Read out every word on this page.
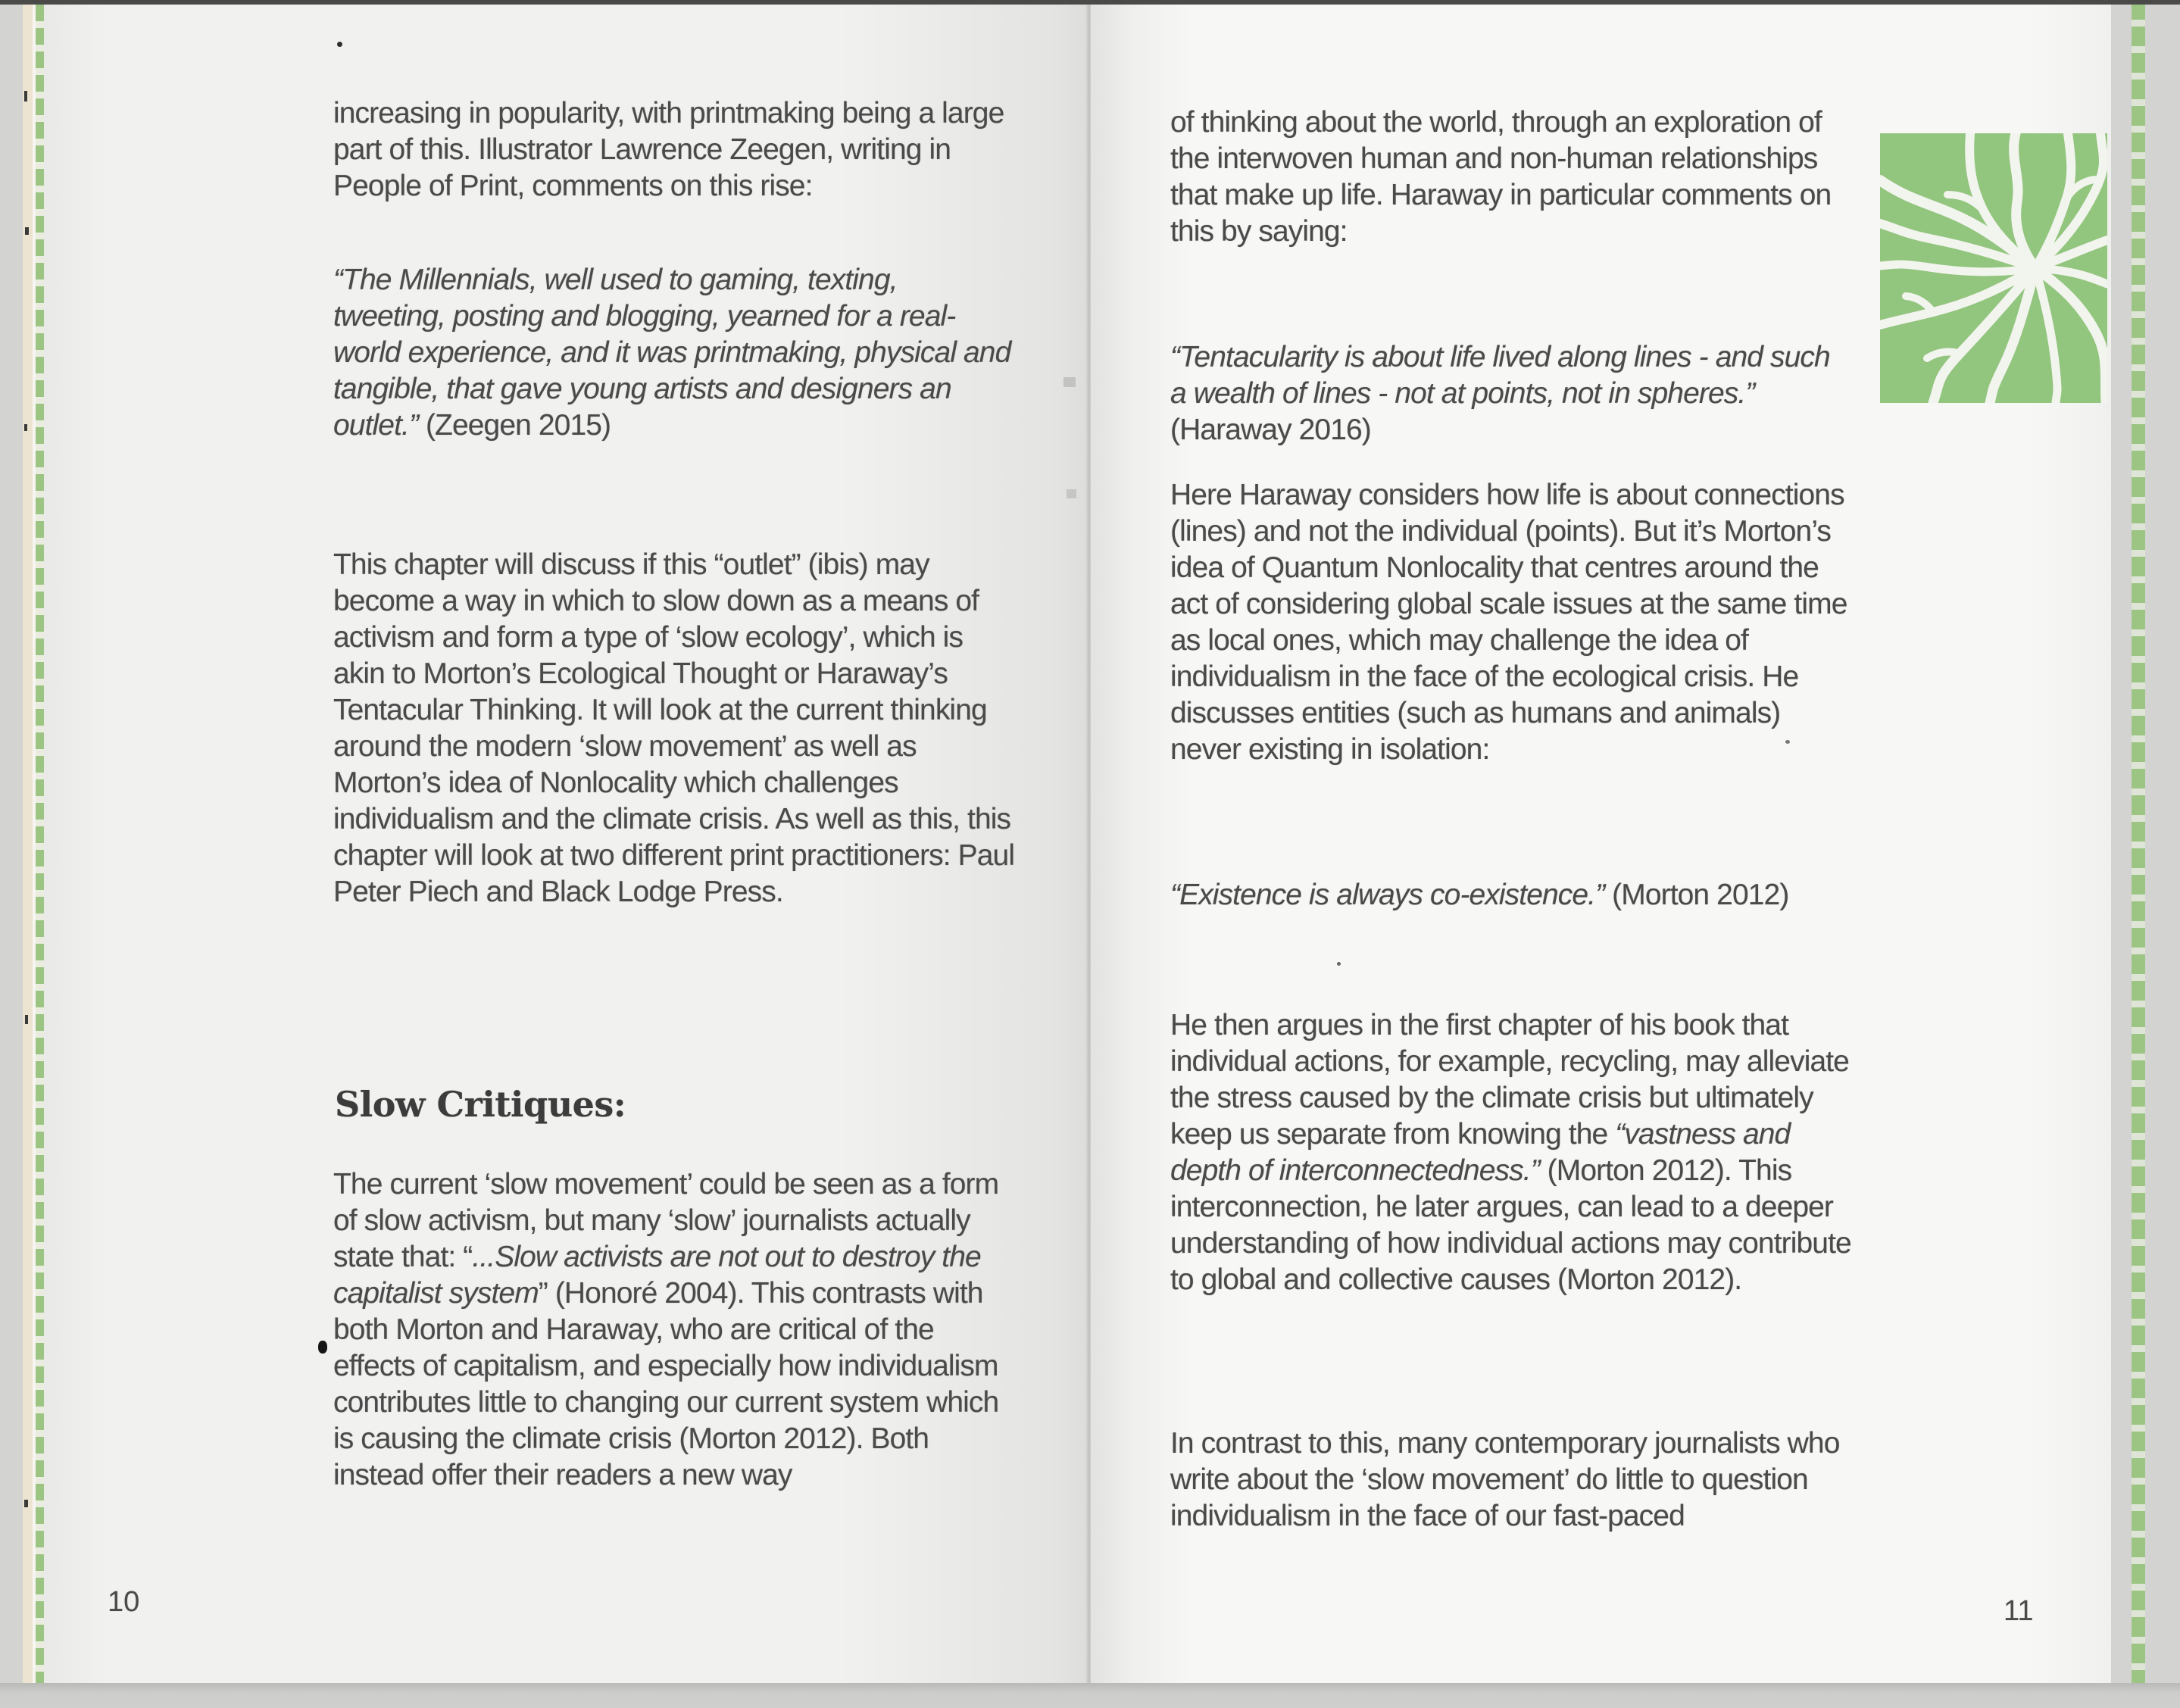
increasing in popularity, with printmaking being a large part of this. Illustrator Lawrence Zeegen, writing in People of Print, comments on this rise:
“The Millennials, well used to gaming, texting, tweeting, posting and blogging, yearned for a real-world experience, and it was printmaking, physical and tangible, that gave young artists and designers an outlet.” (Zeegen 2015)
This chapter will discuss if this “outlet” (ibis) may become a way in which to slow down as a means of activism and form a type of ‘slow ecology’, which is akin to Morton’s Ecological Thought or Haraway’s Tentacular Thinking. It will look at the current thinking around the modern ‘slow movement’ as well as Morton’s idea of Nonlocality which challenges individualism and the climate crisis. As well as this, this chapter will look at two different print practitioners: Paul Peter Piech and Black Lodge Press.
Slow Critiques:
The current ‘slow movement’ could be seen as a form of slow activism, but many ‘slow’ journalists actually state that: “...Slow activists are not out to destroy the capitalist system” (Honoré 2004). This contrasts with both Morton and Haraway, who are critical of the effects of capitalism, and especially how individualism contributes little to changing our current system which is causing the climate crisis (Morton 2012). Both instead offer their readers a new way
10
of thinking about the world, through an exploration of the interwoven human and non-human relationships that make up life. Haraway in particular comments on this by saying:
“Tentacularity is about life lived along lines - and such a wealth of lines - not at points, not in spheres.” (Haraway 2016)
Here Haraway considers how life is about connections (lines) and not the individual (points). But it’s Morton’s idea of Quantum Nonlocality that centres around the act of considering global scale issues at the same time as local ones, which may challenge the idea of individualism in the face of the ecological crisis. He discusses entities (such as humans and animals) never existing in isolation:
“Existence is always co-existence.” (Morton 2012)
He then argues in the first chapter of his book that individual actions, for example, recycling, may alleviate the stress caused by the climate crisis but ultimately keep us separate from knowing the “vastness and depth of interconnectedness.” (Morton 2012). This interconnection, he later argues, can lead to a deeper understanding of how individual actions may contribute to global and collective causes (Morton 2012).
In contrast to this, many contemporary journalists who write about the ‘slow movement’ do little to question individualism in the face of our fast-paced
11
